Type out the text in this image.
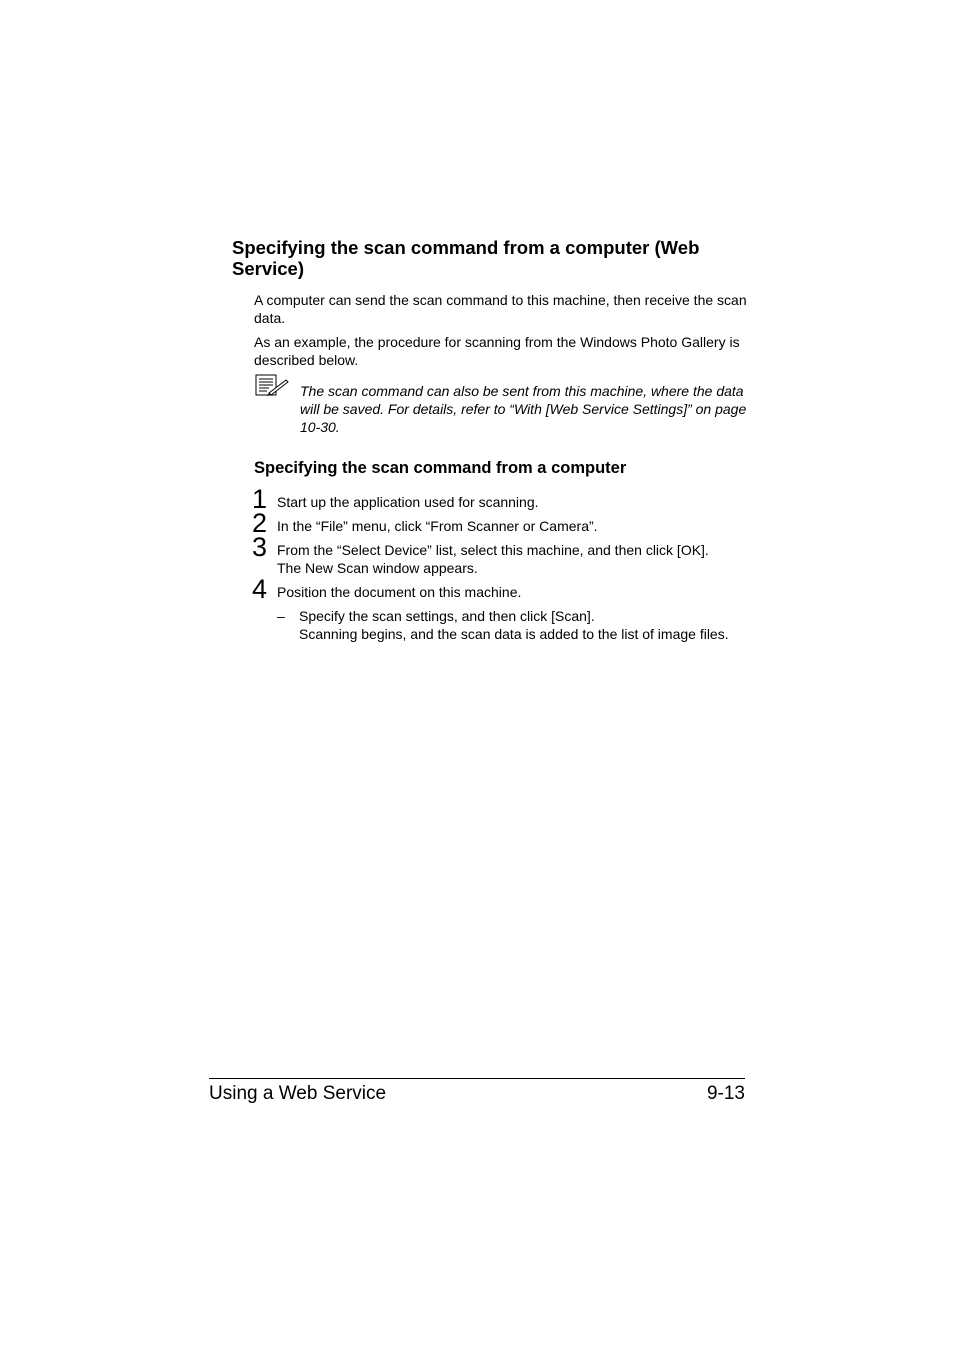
Specifying the scan command from a computer (Web Service)

A computer can send the scan command to this machine, then receive the scan data.

As an example, the procedure for scanning from the Windows Photo Gallery is described below.

The scan command can also be sent from this machine, where the data will be saved. For details, refer to “With [Web Service Settings]” on page 10-30.

Specifying the scan command from a computer
1 Start up the application used for scanning.
2 In the “File” menu, click “From Scanner or Camera”.
3 From the “Select Device” list, select this machine, and then click [OK].
The New Scan window appears.
4 Position the document on this machine.
– Specify the scan settings, and then click [Scan].
Scanning begins, and the scan data is added to the list of image files.
Using a Web Service	9-13
